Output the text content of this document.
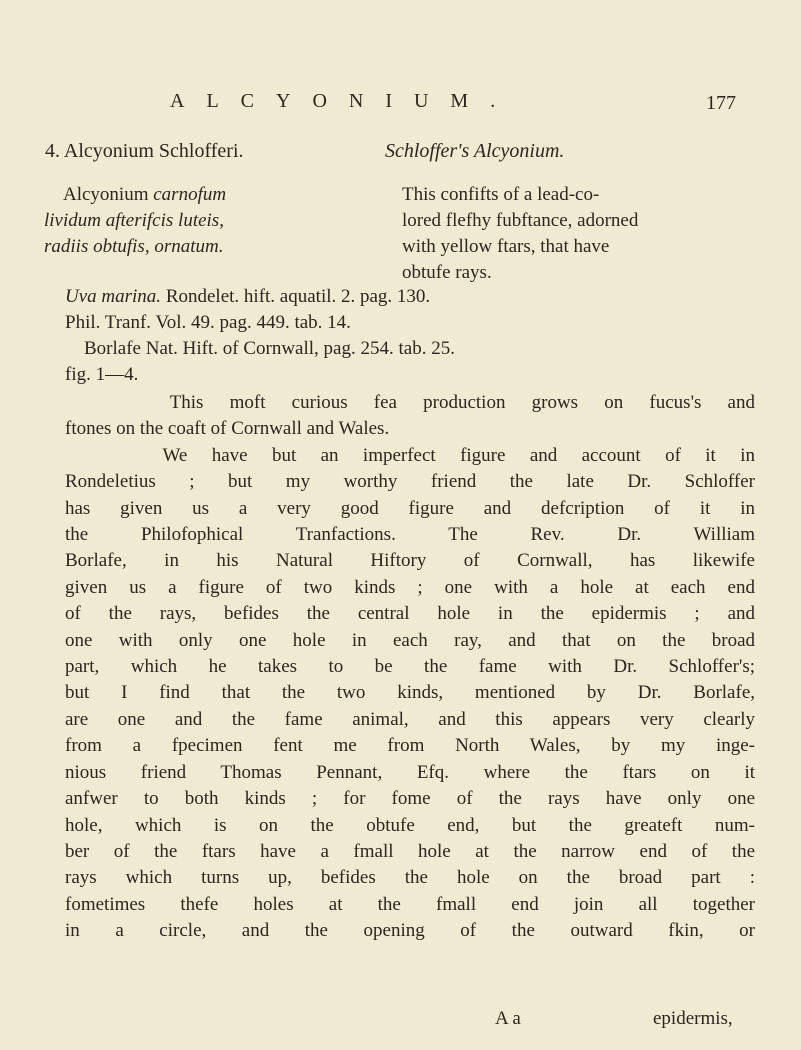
ALCYONIUM.	177
4. Alcyonium Schlofferi.	Schloffer's Alcyonium.
Alcyonium carnofum
lividum afterifcis luteis,
radiis obtufis, ornatum.
This confifts of a lead-co-
lored flefhy fubftance, adorned
with yellow ftars, that have
obtufe rays.
Uva marina. Rondelet. hift. aquatil. 2. pag. 130.
Phil. Tranf. Vol. 49. pag. 449. tab. 14.
Borlafe Nat. Hift. of Cornwall, pag. 254. tab. 25.
fig. 1—4.
This moft curious fea production grows on fucus's and
ftones on the coaft of Cornwall and Wales.
We have but an imperfect figure and account of it in
Rondeletius ; but my worthy friend the late Dr. Schloffer
has given us a very good figure and defcription of it in
the Philofophical Tranfactions. The Rev. Dr. William
Borlafe, in his Natural Hiftory of Cornwall, has likewife
given us a figure of two kinds ; one with a hole at each end
of the rays, befides the central hole in the epidermis ; and
one with only one hole in each ray, and that on the broad
part, which he takes to be the fame with Dr. Schloffer's;
but I find that the two kinds, mentioned by Dr. Borlafe,
are one and the fame animal, and this appears very clearly
from a fpecimen fent me from North Wales, by my inge-
nious friend Thomas Pennant, Efq. where the ftars on it
anfwer to both kinds ; for fome of the rays have only one
hole, which is on the obtufe end, but the greateft num-
ber of the ftars have a fmall hole at the narrow end of the
rays which turns up, befides the hole on the broad part :
fometimes thefe holes at the fmall end join all together
in a circle, and the opening of the outward fkin, or
A a	epidermis,
